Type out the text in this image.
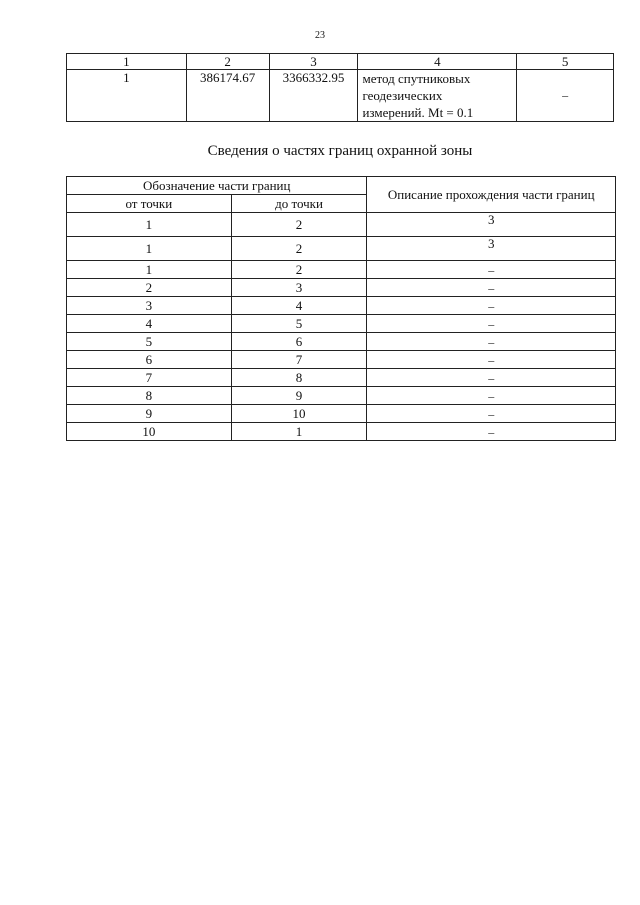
23
1	2	3	4	5
1	386174.67	3366332.95	метод спутниковых
геодезических
измерений. Mt = 0.1	–
Сведения о частях границ охранной зоны
Обозначение части границ		Описание прохождения части границ
от точки	до точки	
1	2	3
1	2	3
1	2	–
2	3	–
3	4	–
4	5	–
5	6	–
6	7	–
7	8	–
8	9	–
9	10	–
10	1	–
